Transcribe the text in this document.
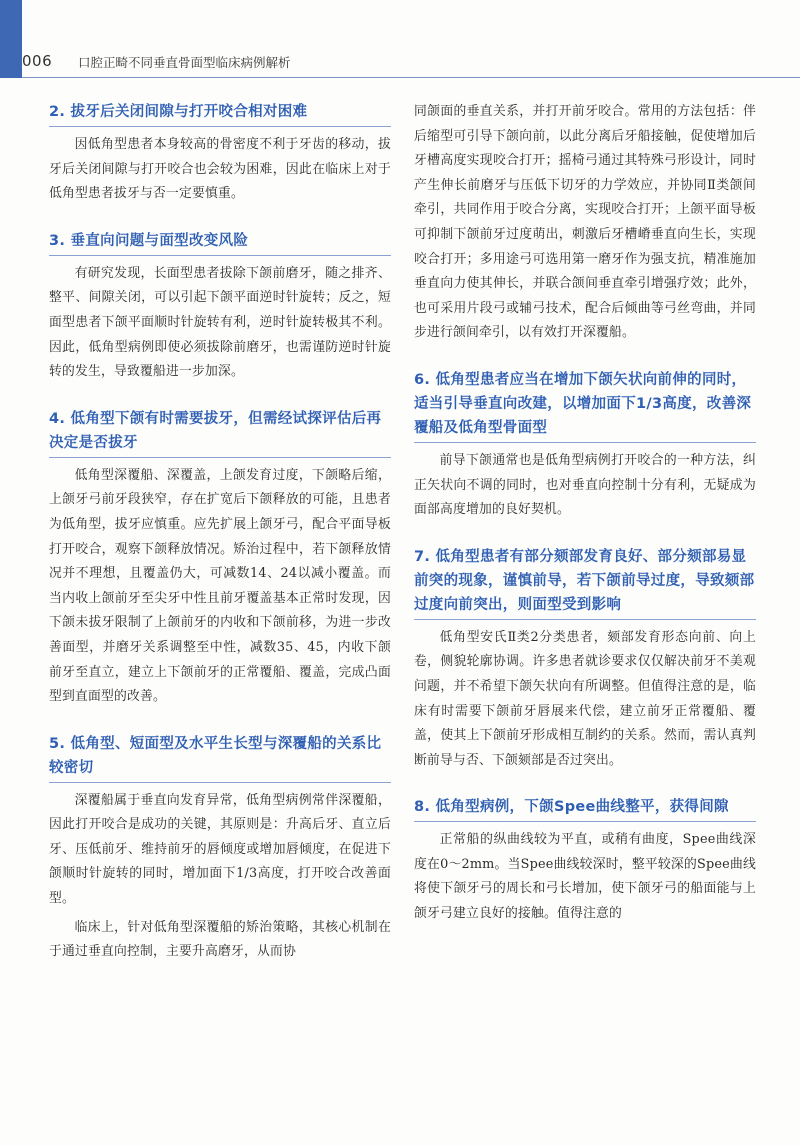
006 口腔正畸不同垂直骨面型临床病例解析
2. 拔牙后关闭间隙与打开咬合相对困难

因低角型患者本身较高的骨密度不利于牙齿的移动，拔牙后关闭间隙与打开咬合也会较为困难，因此在临床上对于低角型患者拔牙与否一定要慎重。

3. 垂直向问题与面型改变风险

有研究发现，长面型患者拔除下颌前磨牙，随之排齐、整平、间隙关闭，可以引起下颌平面逆时针旋转；反之，短面型患者下颌平面顺时针旋转有利，逆时针旋转极其不利。因此，低角型病例即使必须拔除前磨牙，也需谨防逆时针旋转的发生，导致覆船进一步加深。

4. 低角型下颌有时需要拔牙，但需经试探评估后再决定是否拔牙

低角型深覆船、深覆盖，上颌发育过度，下颌略后缩，上颌牙弓前牙段狭窄，存在扩宽后下颌释放的可能，且患者为低角型，拔牙应慎重。应先扩展上颌牙弓，配合平面导板打开咬合，观察下颌释放情况。矫治过程中，若下颌释放情况并不理想，且覆盖仍大，可减数14、24以减小覆盖。而当内收上颌前牙至尖牙中性且前牙覆盖基本正常时发现，因下颌未拔牙限制了上颌前牙的内收和下颌前移，为进一步改善面型，并磨牙关系调整至中性，减数35、45，内收下颌前牙至直立，建立上下颌前牙的正常覆船、覆盖，完成凸面型到直面型的改善。

5. 低角型、短面型及水平生长型与深覆船的关系比较密切

深覆船属于垂直向发育异常，低角型病例常伴深覆船，因此打开咬合是成功的关键，其原则是：升高后牙、直立后牙、压低前牙、维持前牙的唇倾度或增加唇倾度，在促进下颌顺时针旋转的同时，增加面下1/3高度，打开咬合改善面型。

临床上，针对低角型深覆船的矫治策略，其核心机制在于通过垂直向控制，主要升高磨牙，从而协

同颌面的垂直关系，并打开前牙咬合。常用的方法包括：伴后缩型可引导下颌向前，以此分离后牙船接触，促使增加后牙槽高度实现咬合打开；摇椅弓通过其特殊弓形设计，同时产生伸长前磨牙与压低下切牙的力学效应，并协同Ⅱ类颌间牵引，共同作用于咬合分离，实现咬合打开；上颌平面导板可抑制下颌前牙过度萌出，刺激后牙槽嵴垂直向生长，实现咬合打开；多用途弓可选用第一磨牙作为强支抗，精准施加垂直向力使其伸长，并联合颌间垂直牵引增强疗效；此外，也可采用片段弓或辅弓技术，配合后倾曲等弓丝弯曲，并同步进行颌间牵引，以有效打开深覆船。

6. 低角型患者应当在增加下颌矢状向前伸的同时，适当引导垂直向改建，以增加面下1/3高度，改善深覆船及低角型骨面型

前导下颌通常也是低角型病例打开咬合的一种方法，纠正矢状向不调的同时，也对垂直向控制十分有利，无疑成为面部高度增加的良好契机。

7. 低角型患者有部分颏部发育良好、部分颏部易显前突的现象，谨慎前导，若下颌前导过度，导致颏部过度向前突出，则面型受到影响

低角型安氏Ⅱ类2分类患者，颏部发育形态向前、向上卷，侧貌轮廓协调。许多患者就诊要求仅仅解决前牙不美观问题，并不希望下颌矢状向有所调整。但值得注意的是，临床有时需要下颌前牙唇展来代偿，建立前牙正常覆船、覆盖，使其上下颌前牙形成相互制约的关系。然而，需认真判断前导与否、下颌颏部是否过突出。

8. 低角型病例，下颌Spee曲线整平，获得间隙

正常船的纵曲线较为平直，或稍有曲度，Spee曲线深度在0～2mm。当Spee曲线较深时，整平较深的Spee曲线将使下颌牙弓的周长和弓长增加，使下颌牙弓的船面能与上颌牙弓建立良好的接触。值得注意的
